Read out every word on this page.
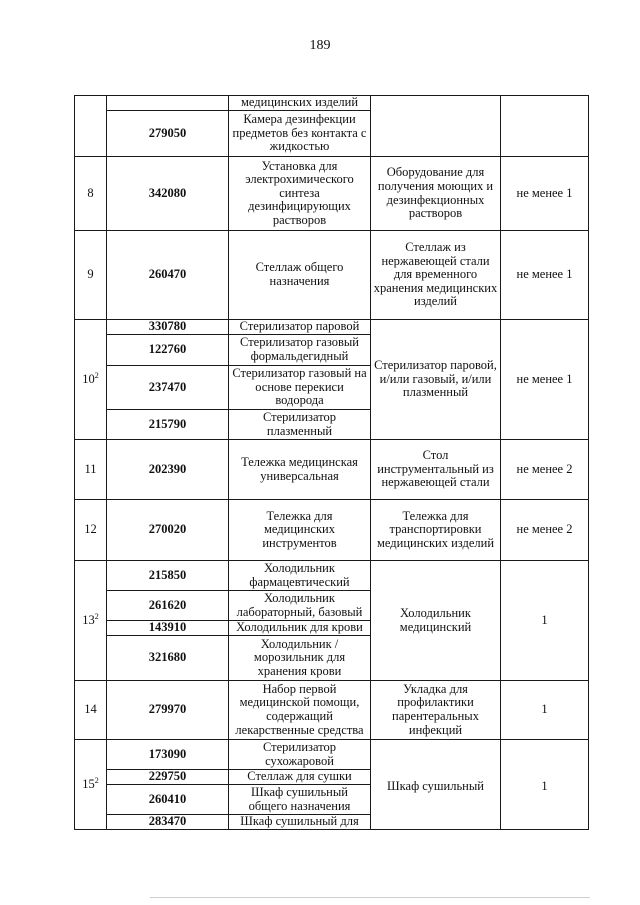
189
		медицинских изделий		
	279050	Камера дезинфекции предметов без контакта с жидкостью		
8	342080	Установка для электрохимического синтеза дезинфицирующих растворов	Оборудование для получения моющих и дезинфекционных растворов	не менее 1
9	260470	Стеллаж общего назначения	Стеллаж из нержавеющей стали для временного хранения медицинских изделий	не менее 1
$10^2$	330780	Стерилизатор паровой	Стерилизатор паровой, и/или газовый, и/или плазменный	не менее 1
	122760	Стерилизатор газовый формальдегидный		
	237470	Стерилизатор газовый на основе перекиси водорода		
	215790	Стерилизатор плазменный		
11	202390	Тележка медицинская универсальная	Стол инструментальный из нержавеющей стали	не менее 2
12	270020	Тележка для медицинских инструментов	Тележка для транспортировки медицинских изделий	не менее 2
$13^2$	215850	Холодильник фармацевтический	Холодильник медицинский	1
	261620	Холодильник лабораторный, базовый		
	143910	Холодильник для крови		
	321680	Холодильник /морозильник для хранения крови		
14	279970	Набор первой медицинской помощи, содержащий лекарственные средства	Укладка для профилактики парентеральных инфекций	1
$15^2$	173090	Стерилизатор сухожаровой	Шкаф сушильный	1
	229750	Стеллаж для сушки		
	260410	Шкаф сушильный общего назначения		
	283470	Шкаф сушильный для		
